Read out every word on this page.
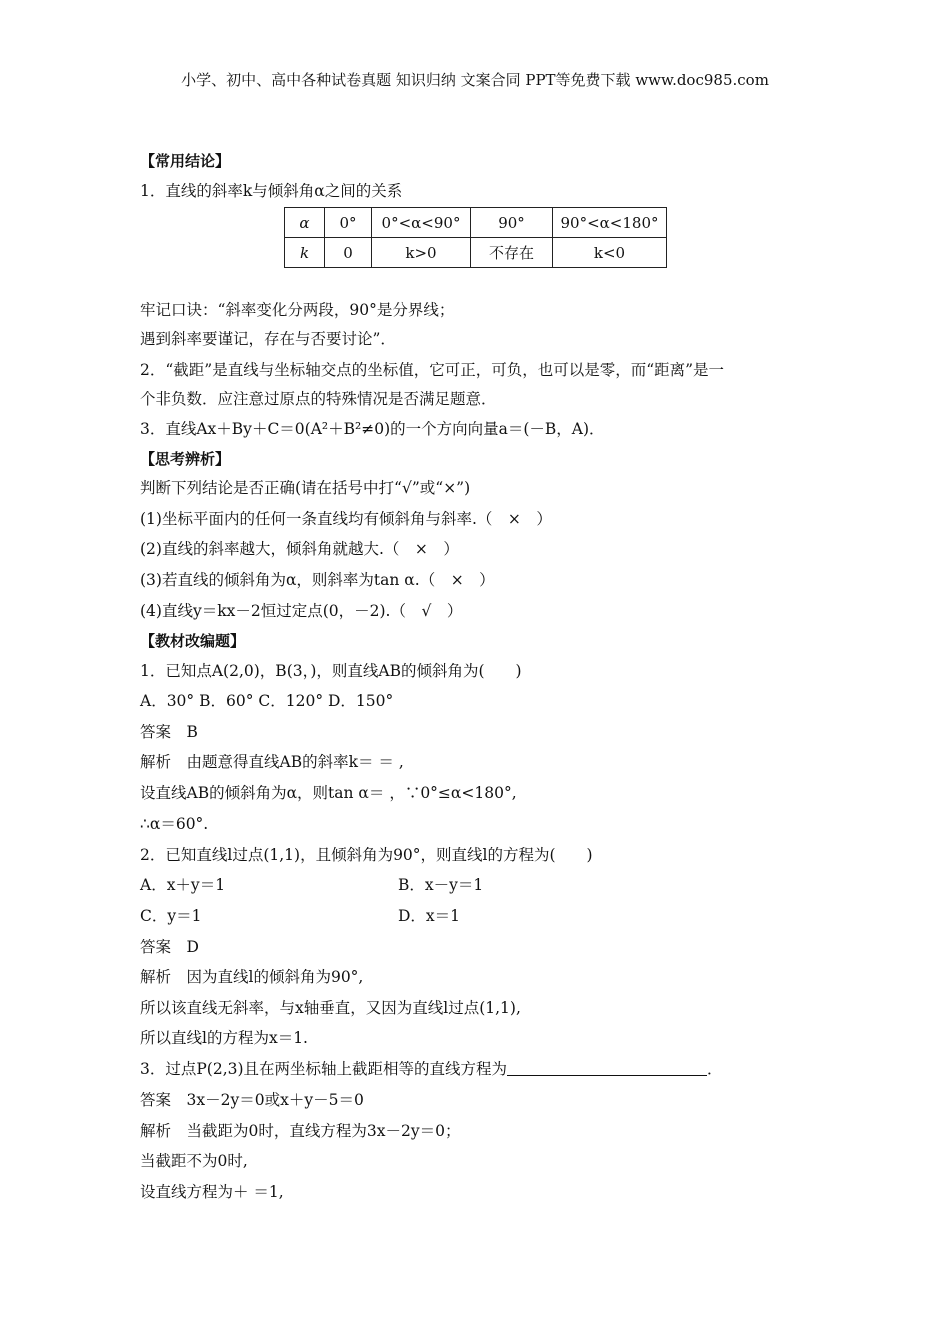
小学、初中、高中各种试卷真题 知识归纳 文案合同 PPT等免费下载 www.doc985.com
【常用结论】
1．直线的斜率k与倾斜角α之间的关系
α	0°	0°<α<90°	90°	90°<α<180°
k	0	k>0	不存在	k<0
牢记口诀：“斜率变化分两段，90°是分界线；
遇到斜率要谨记，存在与否要讨论”．
2．“截距”是直线与坐标轴交点的坐标值，它可正，可负，也可以是零，而“距离”是一
个非负数．应注意过原点的特殊情况是否满足题意．
3．直线Ax＋By＋C＝0(A²＋B²≠0)的一个方向向量a＝(－B，A)．
【思考辨析】
判断下列结论是否正确(请在括号中打“√”或“×”)
(1)坐标平面内的任何一条直线均有倾斜角与斜率.（　×　）
(2)直线的斜率越大，倾斜角就越大.（　×　）
(3)若直线的倾斜角为α，则斜率为tan α.（　×　）
(4)直线y＝kx－2恒过定点(0，－2).（　√　）
【教材改编题】
1．已知点A(2,0)，B(3，)，则直线AB的倾斜角为(　　)
A．30° B．60° C．120° D．150°
答案　B
解析　由题意得直线AB的斜率k＝ ＝ ,
设直线AB的倾斜角为α，则tan α＝ ，∵0°≤α<180°,
∴α＝60°.
2．已知直线l过点(1,1)，且倾斜角为90°，则直线l的方程为(　　)
A．x＋y＝1	B．x－y＝1
C．y＝1	D．x＝1
答案　D
解析　因为直线l的倾斜角为90°,
所以该直线无斜率，与x轴垂直，又因为直线l过点(1,1),
所以直线l的方程为x＝1.
3．过点P(2,3)且在两坐标轴上截距相等的直线方程为	．
答案　3x－2y＝0或x＋y－5＝0
解析　当截距为0时，直线方程为3x－2y＝0；
当截距不为0时,
设直线方程为＋ ＝1,
